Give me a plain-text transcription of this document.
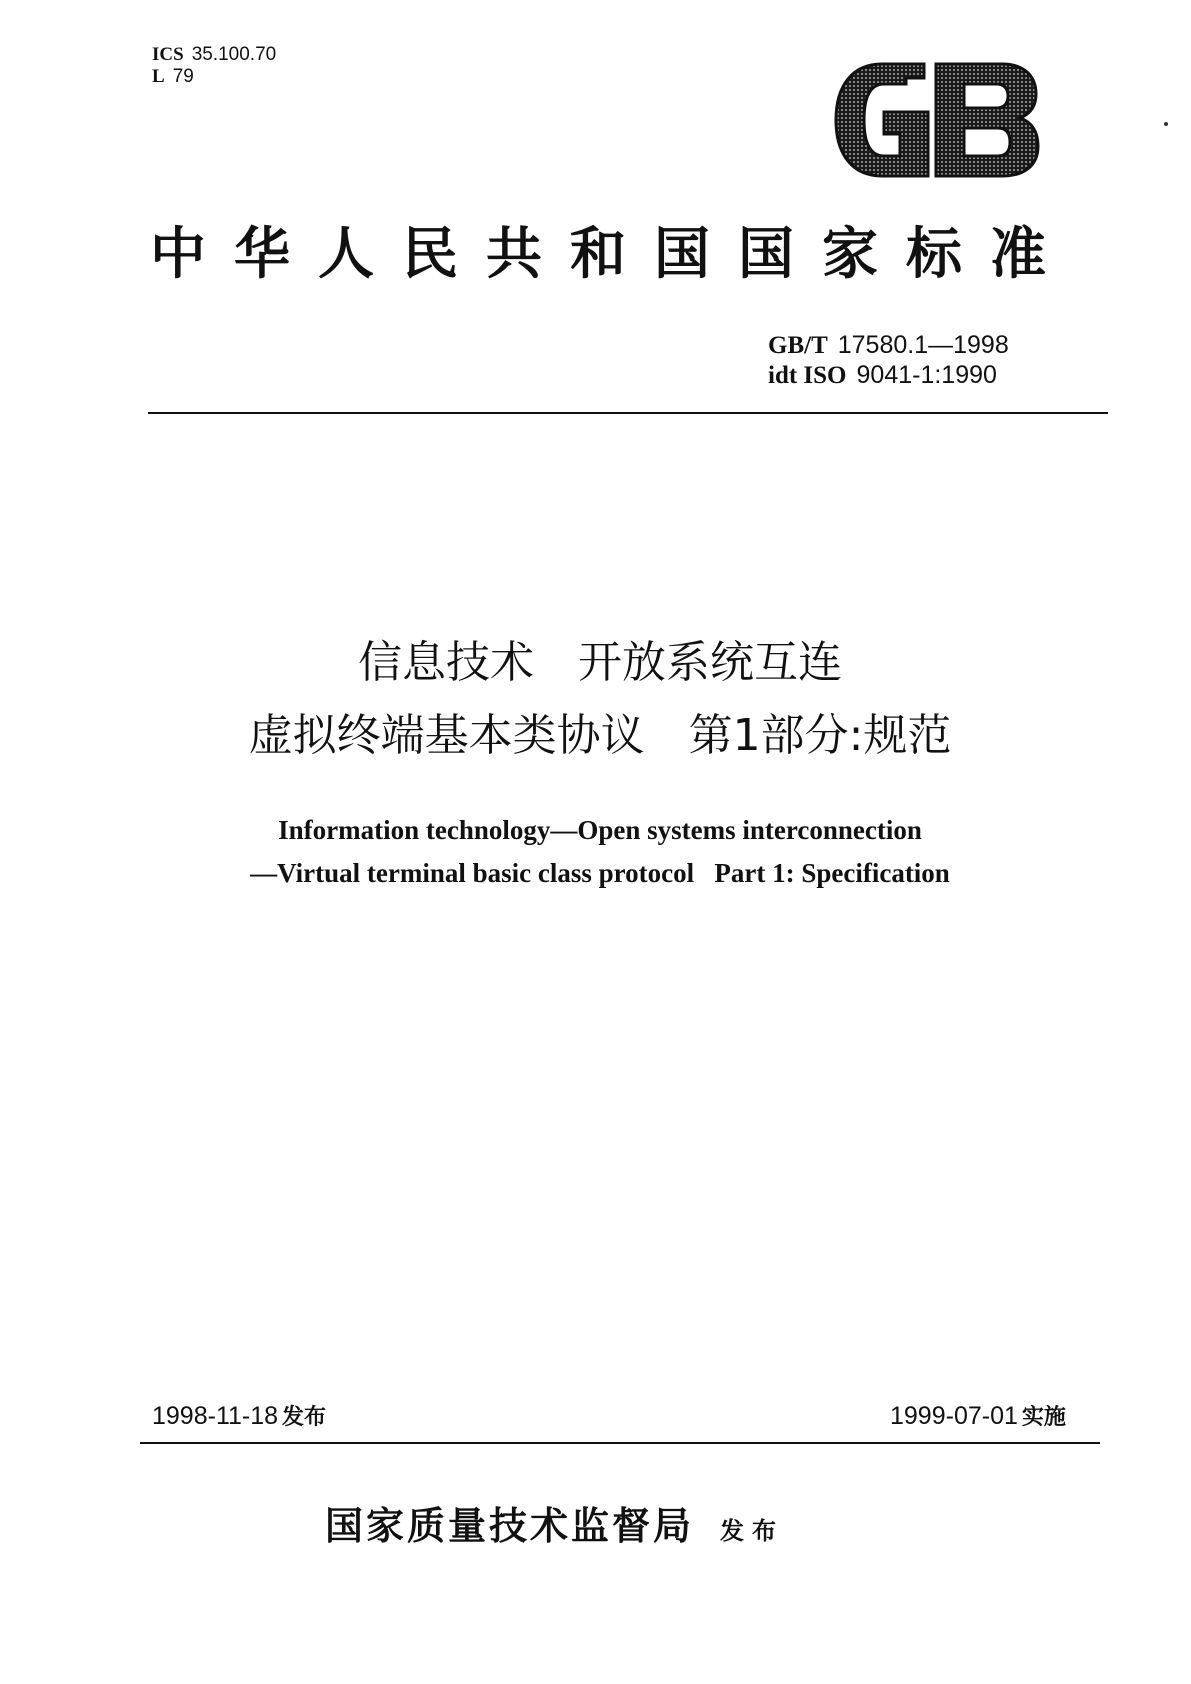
ICS 35.100.70
L 79
中华人民共和国国家标准
GB/T 17580.1—1998
idt ISO 9041-1:1990
信息技术　开放系统互连
虚拟终端基本类协议　第1部分:规范
Information technology—Open systems interconnection
—Virtual terminal basic class protocol   Part 1: Specification
1998-11-18 发布	1999-07-01 实施
国家质量技术监督局 发布
